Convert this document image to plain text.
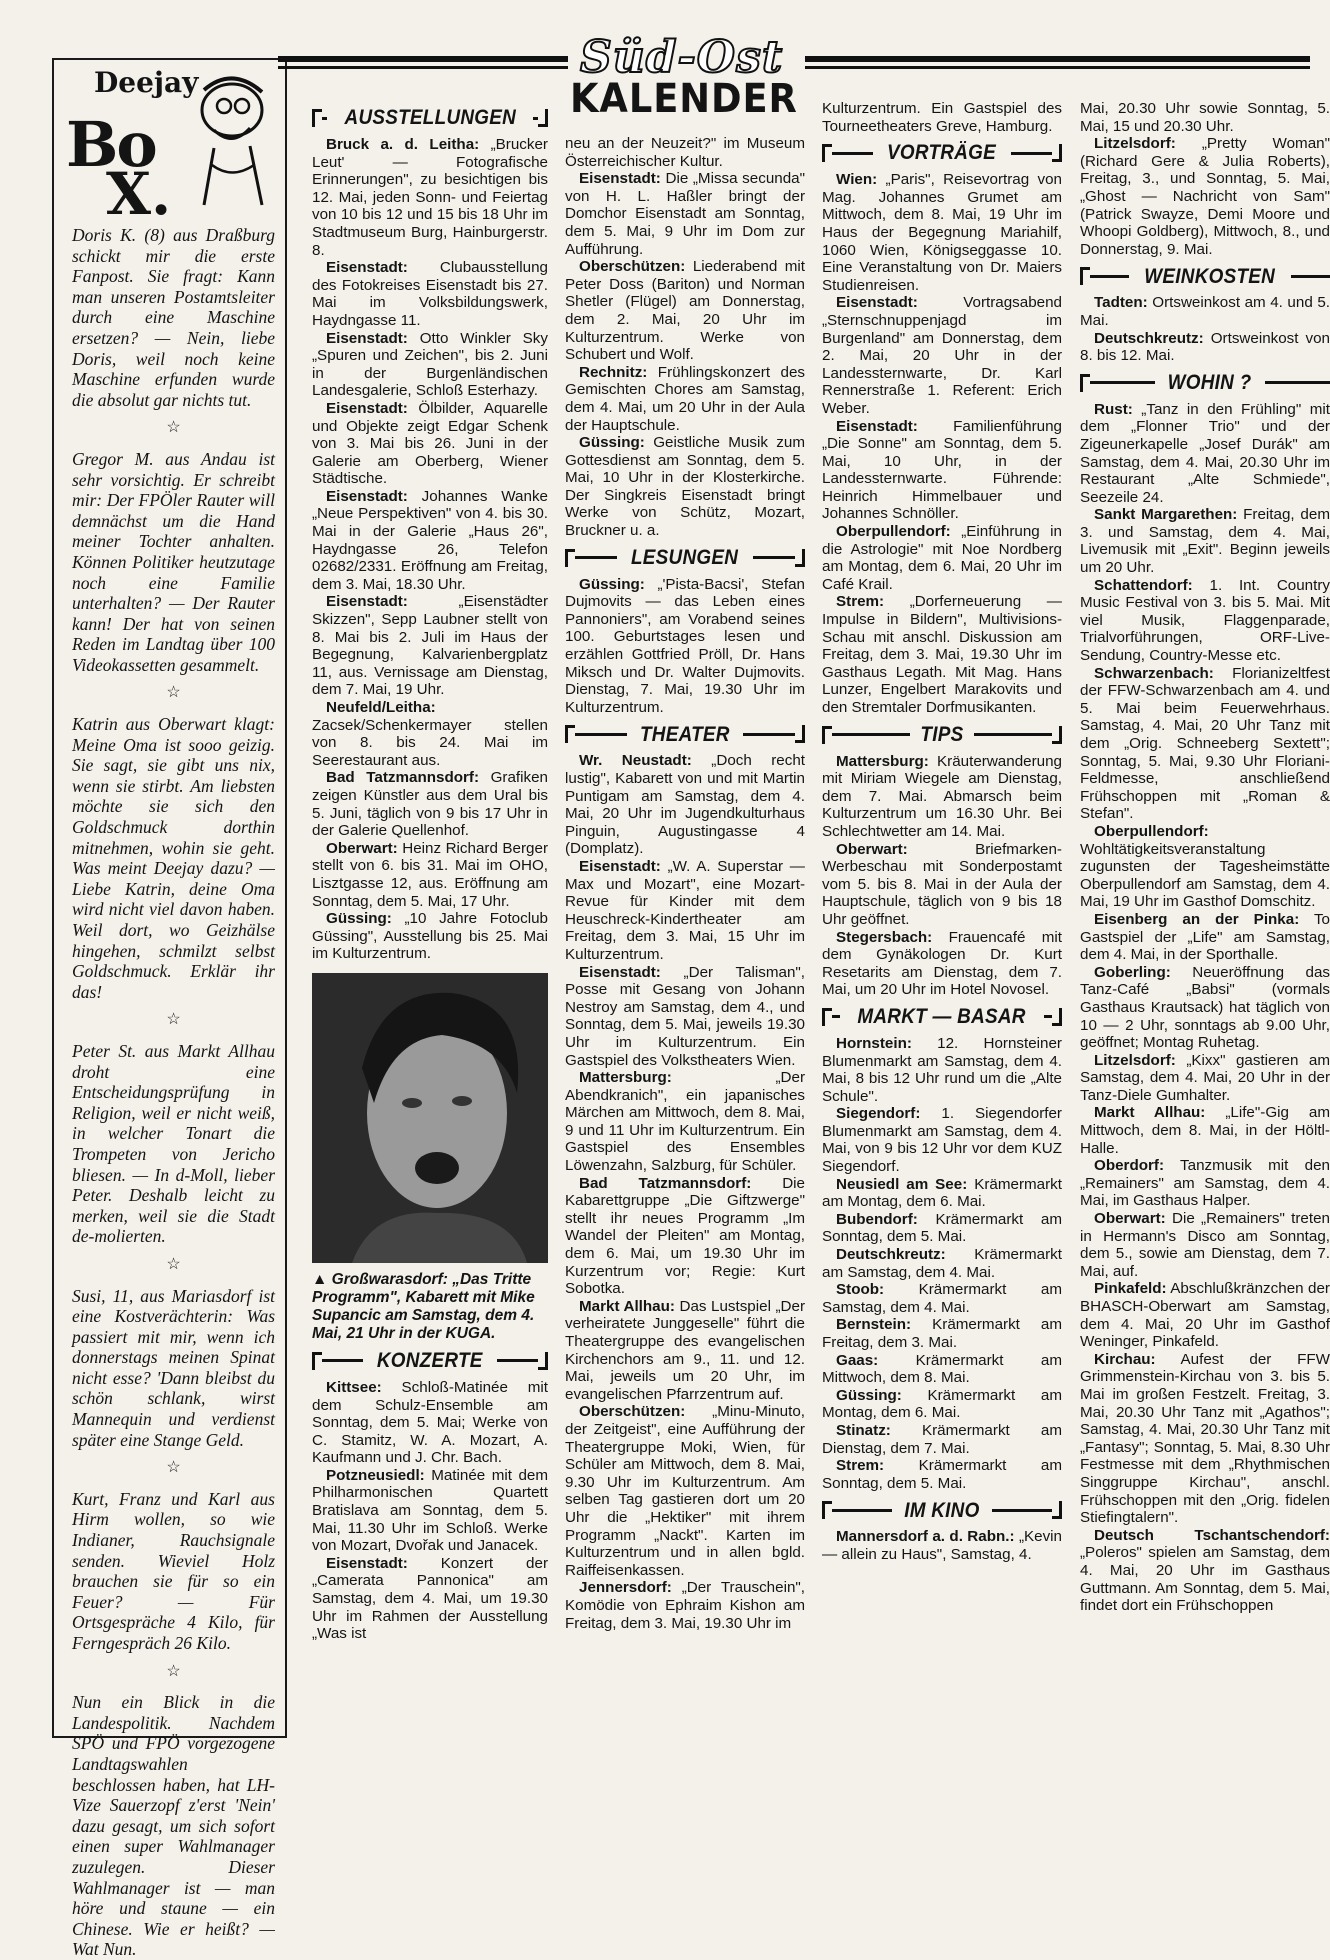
Deejay
Bo
X.

Doris K. (8) aus Draßburg schickt mir die erste Fanpost. Sie fragt: Kann man unseren Postamtsleiter durch eine Maschine ersetzen? — Nein, liebe Doris, weil noch keine Maschine erfunden wurde die absolut gar nichts tut.

☆

Gregor M. aus Andau ist sehr vorsichtig. Er schreibt mir: Der FPÖler Rauter will demnächst um die Hand meiner Tochter anhalten. Können Politiker heutzutage noch eine Familie unterhalten? — Der Rauter kann! Der hat von seinen Reden im Landtag über 100 Videokassetten gesammelt.

☆

Katrin aus Oberwart klagt: Meine Oma ist sooo geizig. Sie sagt, sie gibt uns nix, wenn sie stirbt. Am liebsten möchte sie sich den Goldschmuck dorthin mitnehmen, wohin sie geht. Was meint Deejay dazu? — Liebe Katrin, deine Oma wird nicht viel davon haben. Weil dort, wo Geizhälse hingehen, schmilzt selbst Goldschmuck. Erklär ihr das!

☆

Peter St. aus Markt Allhau droht eine Entscheidungsprüfung in Religion, weil er nicht weiß, in welcher Tonart die Trompeten von Jericho bliesen. — In d-Moll, lieber Peter. Deshalb leicht zu merken, weil sie die Stadt de-molierten.

☆

Susi, 11, aus Mariasdorf ist eine Kostverächterin: Was passiert mit mir, wenn ich donnerstags meinen Spinat nicht esse? 'Dann bleibst du schön schlank, wirst Mannequin und verdienst später eine Stange Geld.

☆

Kurt, Franz und Karl aus Hirm wollen, so wie Indianer, Rauchsignale senden. Wieviel Holz brauchen sie für so ein Feuer? — Für Ortsgespräche 4 Kilo, für Ferngespräch 26 Kilo.

☆

Nun ein Blick in die Landespolitik. Nachdem SPÖ und FPÖ vorgezogene Landtagswahlen beschlossen haben, hat LH-Vize Sauerzopf z'erst 'Nein' dazu gesagt, um sich sofort einen super Wahlmanager zuzulegen. Dieser Wahlmanager ist — man höre und staune — ein Chinese. Wie er heißt? — Wat Nun.

Süd-Ost
KALENDER
AUSSTELLUNGEN

Bruck a. d. Leitha: „Brucker Leut' — Fotografische Erinnerungen", zu besichtigen bis 12. Mai, jeden Sonn- und Feiertag von 10 bis 12 und 15 bis 18 Uhr im Stadtmuseum Burg, Hainburgerstr. 8.

Eisenstadt: Clubausstellung des Fotokreises Eisenstadt bis 27. Mai im Volksbildungswerk, Haydngasse 11.

Eisenstadt: Otto Winkler Sky „Spuren und Zeichen", bis 2. Juni in der Burgenländischen Landesgalerie, Schloß Esterhazy.

Eisenstadt: Ölbilder, Aquarelle und Objekte zeigt Edgar Schenk von 3. Mai bis 26. Juni in der Galerie am Oberberg, Wiener Städtische.

Eisenstadt: Johannes Wanke „Neue Perspektiven" von 4. bis 30. Mai in der Galerie „Haus 26", Haydngasse 26, Telefon 02682/2331. Eröffnung am Freitag, dem 3. Mai, 18.30 Uhr.

Eisenstadt: „Eisenstädter Skizzen", Sepp Laubner stellt von 8. Mai bis 2. Juli im Haus der Begegnung, Kalvarienbergplatz 11, aus. Vernissage am Dienstag, dem 7. Mai, 19 Uhr.

Neufeld/Leitha: Zacsek/Schenkermayer stellen von 8. bis 24. Mai im Seerestaurant aus.

Bad Tatzmannsdorf: Grafiken zeigen Künstler aus dem Ural bis 5. Juni, täglich von 9 bis 17 Uhr in der Galerie Quellenhof.

Oberwart: Heinz Richard Berger stellt von 6. bis 31. Mai im OHO, Lisztgasse 12, aus. Eröffnung am Sonntag, dem 5. Mai, 17 Uhr.

Güssing: „10 Jahre Fotoclub Güssing", Ausstellung bis 25. Mai im Kulturzentrum.

▲ Großwarasdorf: „Das Tritte Programm", Kabarett mit Mike Supancic am Samstag, dem 4. Mai, 21 Uhr in der KUGA.
KONZERTE

Kittsee: Schloß-Matinée mit dem Schulz-Ensemble am Sonntag, dem 5. Mai; Werke von C. Stamitz, W. A. Mozart, A. Kaufmann und J. Chr. Bach.

Potzneusiedl: Matinée mit dem Philharmonischen Quartett Bratislava am Sonntag, dem 5. Mai, 11.30 Uhr im Schloß. Werke von Mozart, Dvořak und Janacek.

Eisenstadt: Konzert der „Camerata Pannonica" am Samstag, dem 4. Mai, um 19.30 Uhr im Rahmen der Ausstellung „Was ist

neu an der Neuzeit?" im Museum Österreichischer Kultur.

Eisenstadt: Die „Missa secunda" von H. L. Haßler bringt der Domchor Eisenstadt am Sonntag, dem 5. Mai, 9 Uhr im Dom zur Aufführung.

Oberschützen: Liederabend mit Peter Doss (Bariton) und Norman Shetler (Flügel) am Donnerstag, dem 2. Mai, 20 Uhr im Kulturzentrum. Werke von Schubert und Wolf.

Rechnitz: Frühlingskonzert des Gemischten Chores am Samstag, dem 4. Mai, um 20 Uhr in der Aula der Hauptschule.

Güssing: Geistliche Musik zum Gottesdienst am Sonntag, dem 5. Mai, 10 Uhr in der Klosterkirche. Der Singkreis Eisenstadt bringt Werke von Schütz, Mozart, Bruckner u. a.

LESUNGEN

Güssing: „'Pista-Bacsi', Stefan Dujmovits — das Leben eines Pannoniers", am Vorabend seines 100. Geburtstages lesen und erzählen Gottfried Pröll, Dr. Hans Miksch und Dr. Walter Dujmovits. Dienstag, 7. Mai, 19.30 Uhr im Kulturzentrum.

THEATER

Wr. Neustadt: „Doch recht lustig", Kabarett von und mit Martin Puntigam am Samstag, dem 4. Mai, 20 Uhr im Jugendkulturhaus Pinguin, Augustingasse 4 (Domplatz).

Eisenstadt: „W. A. Superstar — Max und Mozart", eine Mozart-Revue für Kinder mit dem Heuschreck-Kindertheater am Freitag, dem 3. Mai, 15 Uhr im Kulturzentrum.

Eisenstadt: „Der Talisman", Posse mit Gesang von Johann Nestroy am Samstag, dem 4., und Sonntag, dem 5. Mai, jeweils 19.30 Uhr im Kulturzentrum. Ein Gastspiel des Volkstheaters Wien.

Mattersburg: „Der Abendkranich", ein japanisches Märchen am Mittwoch, dem 8. Mai, 9 und 11 Uhr im Kulturzentrum. Ein Gastspiel des Ensembles Löwenzahn, Salzburg, für Schüler.

Bad Tatzmannsdorf: Die Kabarettgruppe „Die Giftzwerge" stellt ihr neues Programm „Im Wandel der Pleiten" am Montag, dem 6. Mai, um 19.30 Uhr im Kurzentrum vor; Regie: Kurt Sobotka.

Markt Allhau: Das Lustspiel „Der verheiratete Junggeselle" führt die Theatergruppe des evangelischen Kirchenchors am 9., 11. und 12. Mai, jeweils um 20 Uhr, im evangelischen Pfarrzentrum auf.

Oberschützen: „Minu-Minuto, der Zeitgeist", eine Aufführung der Theatergruppe Moki, Wien, für Schüler am Mittwoch, dem 8. Mai, 9.30 Uhr im Kulturzentrum. Am selben Tag gastieren dort um 20 Uhr die „Hektiker" mit ihrem Programm „Nackt". Karten im Kulturzentrum und in allen bgld. Raiffeisenkassen.

Jennersdorf: „Der Trauschein", Komödie von Ephraim Kishon am Freitag, dem 3. Mai, 19.30 Uhr im

Kulturzentrum. Ein Gastspiel des Tourneetheaters Greve, Hamburg.

VORTRÄGE

Wien: „Paris", Reisevortrag von Mag. Johannes Grumet am Mittwoch, dem 8. Mai, 19 Uhr im Haus der Begegnung Mariahilf, 1060 Wien, Königseggasse 10. Eine Veranstaltung von Dr. Maiers Studienreisen.

Eisenstadt: Vortragsabend „Sternschnuppenjagd im Burgenland" am Donnerstag, dem 2. Mai, 20 Uhr in der Landessternwarte, Dr. Karl Rennerstraße 1. Referent: Erich Weber.

Eisenstadt: Familienführung „Die Sonne" am Sonntag, dem 5. Mai, 10 Uhr, in der Landessternwarte. Führende: Heinrich Himmelbauer und Johannes Schnöller.

Oberpullendorf: „Einführung in die Astrologie" mit Noe Nordberg am Montag, dem 6. Mai, 20 Uhr im Café Krail.

Strem: „Dorferneuerung — Impulse in Bildern", Multivisions-Schau mit anschl. Diskussion am Freitag, dem 3. Mai, 19.30 Uhr im Gasthaus Legath. Mit Mag. Hans Lunzer, Engelbert Marakovits und den Stremtaler Dorfmusikanten.

TIPS

Mattersburg: Kräuterwanderung mit Miriam Wiegele am Dienstag, dem 7. Mai. Abmarsch beim Kulturzentrum um 16.30 Uhr. Bei Schlechtwetter am 14. Mai.

Oberwart: Briefmarken-Werbeschau mit Sonderpostamt vom 5. bis 8. Mai in der Aula der Hauptschule, täglich von 9 bis 18 Uhr geöffnet.

Stegersbach: Frauencafé mit dem Gynäkologen Dr. Kurt Resetarits am Dienstag, dem 7. Mai, um 20 Uhr im Hotel Novosel.

MARKT — BASAR

Hornstein: 12. Hornsteiner Blumenmarkt am Samstag, dem 4. Mai, 8 bis 12 Uhr rund um die „Alte Schule".

Siegendorf: 1. Siegendorfer Blumenmarkt am Samstag, dem 4. Mai, von 9 bis 12 Uhr vor dem KUZ Siegendorf.

Neusiedl am See: Krämermarkt am Montag, dem 6. Mai.

Bubendorf: Krämermarkt am Sonntag, dem 5. Mai.

Deutschkreutz: Krämermarkt am Samstag, dem 4. Mai.

Stoob: Krämermarkt am Samstag, dem 4. Mai.

Bernstein: Krämermarkt am Freitag, dem 3. Mai.

Gaas: Krämermarkt am Mittwoch, dem 8. Mai.

Güssing: Krämermarkt am Montag, dem 6. Mai.

Stinatz: Krämermarkt am Dienstag, dem 7. Mai.

Strem: Krämermarkt am Sonntag, dem 5. Mai.

IM KINO

Mannersdorf a. d. Rabn.: „Kevin — allein zu Haus", Samstag, 4.

Mai, 20.30 Uhr sowie Sonntag, 5. Mai, 15 und 20.30 Uhr.

Litzelsdorf: „Pretty Woman" (Richard Gere & Julia Roberts), Freitag, 3., und Sonntag, 5. Mai, „Ghost — Nachricht von Sam" (Patrick Swayze, Demi Moore und Whoopi Goldberg), Mittwoch, 8., und Donnerstag, 9. Mai.

WEINKOSTEN

Tadten: Ortsweinkost am 4. und 5. Mai.

Deutschkreutz: Ortsweinkost von 8. bis 12. Mai.

WOHIN ?

Rust: „Tanz in den Frühling" mit dem „Flonner Trio" und der Zigeunerkapelle „Josef Durák" am Samstag, dem 4. Mai, 20.30 Uhr im Restaurant „Alte Schmiede", Seezeile 24.

Sankt Margarethen: Freitag, dem 3. und Samstag, dem 4. Mai, Livemusik mit „Exit". Beginn jeweils um 20 Uhr.

Schattendorf: 1. Int. Country Music Festival von 3. bis 5. Mai. Mit viel Musik, Flaggenparade, Trialvorführungen, ORF-Live-Sendung, Country-Messe etc.

Schwarzenbach: Florianizeltfest der FFW-Schwarzenbach am 4. und 5. Mai beim Feuerwehrhaus. Samstag, 4. Mai, 20 Uhr Tanz mit dem „Orig. Schneeberg Sextett"; Sonntag, 5. Mai, 9.30 Uhr Floriani-Feldmesse, anschließend Frühschoppen mit „Roman & Stefan".

Oberpullendorf: Wohltätigkeitsveranstaltung zugunsten der Tagesheimstätte Oberpullendorf am Samstag, dem 4. Mai, 19 Uhr im Gasthof Domschitz.

Eisenberg an der Pinka: To Gastspiel der „Life" am Samstag, dem 4. Mai, in der Sporthalle.

Goberling: Neueröffnung das Tanz-Café „Babsi" (vormals Gasthaus Krautsack) hat täglich von 10 — 2 Uhr, sonntags ab 9.00 Uhr, geöffnet; Montag Ruhetag.

Litzelsdorf: „Kixx" gastieren am Samstag, dem 4. Mai, 20 Uhr in der Tanz-Diele Gumhalter.

Markt Allhau: „Life"-Gig am Mittwoch, dem 8. Mai, in der Höltl-Halle.

Oberdorf: Tanzmusik mit den „Remainers" am Samstag, dem 4. Mai, im Gasthaus Halper.

Oberwart: Die „Remainers" treten in Hermann's Disco am Sonntag, dem 5., sowie am Dienstag, dem 7. Mai, auf.

Pinkafeld: Abschlußkränzchen der BHASCH-Oberwart am Samstag, dem 4. Mai, 20 Uhr im Gasthof Weninger, Pinkafeld.

Kirchau: Aufest der FFW Grimmenstein-Kirchau von 3. bis 5. Mai im großen Festzelt. Freitag, 3. Mai, 20.30 Uhr Tanz mit „Agathos"; Samstag, 4. Mai, 20.30 Uhr Tanz mit „Fantasy"; Sonntag, 5. Mai, 8.30 Uhr Festmesse mit dem „Rhythmischen Singgruppe Kirchau", anschl. Frühschoppen mit den „Orig. fidelen Stiefingtalern".

Deutsch Tschantschendorf: „Poleros" spielen am Samstag, dem 4. Mai, 20 Uhr im Gasthaus Guttmann. Am Sonntag, dem 5. Mai, findet dort ein Frühschoppen
